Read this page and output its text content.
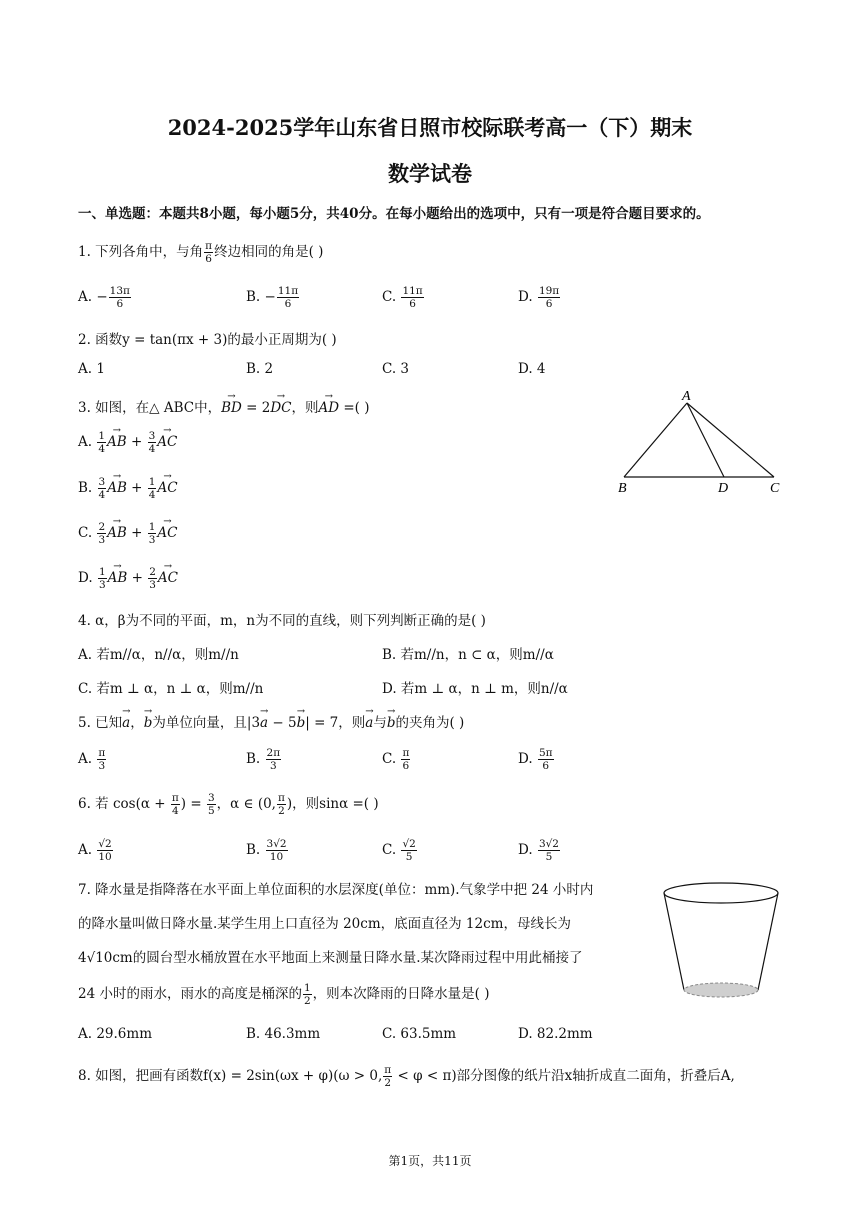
2024-2025学年山东省日照市校际联考高一（下）期末
数学试卷
一、单选题：本题共8小题，每小题5分，共40分。在每小题给出的选项中，只有一项是符合题目要求的。
1. 下列各角中，与角 $\frac{\pi}{6}$ 终边相同的角是( )
A. − $\frac{13\pi}{6}$	B. − $\frac{11\pi}{6}$	C. $\frac{11\pi}{6}$	D. $\frac{19\pi}{6}$
2. 函数y = tan(πx + 3)的最小正周期为( )
A. 1	B. 2	C. 3	D. 4
3. 如图，在△ ABC中，→ BD = 2→ DC，则→ AD =( )
A. $\frac{1}{4}$ → AB + $\frac{3}{4}$ → AC
B. $\frac{3}{4}$ → AB + $\frac{1}{4}$ → AC
C. $\frac{2}{3}$ → AB + $\frac{1}{3}$ → AC
D. $\frac{1}{3}$ → AB + $\frac{2}{3}$ → AC
A
B	D	C
4. α，β为不同的平面，m，n为不同的直线，则下列判断正确的是( )
A. 若m//α，n//α，则m//n	B. 若m//n，n ⊂ α，则m//α
C. 若m ⊥ α，n ⊥ α，则m//n	D. 若m ⊥ α，n ⊥ m，则n//α
5. 已知→ a，→ b为单位向量，且|3→ a − 5→ b| = 7，则→ a与→ b的夹角为( )
A. $\frac{\pi}{3}$	B. $\frac{2\pi}{3}$	C. $\frac{\pi}{6}$	D. $\frac{5\pi}{6}$
6. 若 $\cos(\alpha + \frac{\pi}{4}$ ) = $\frac{3}{5}$ ，α ∈ (0, $\frac{\pi}{2}$ )，则sinα =( )
A. $\frac{√2}{10}$	B. $\frac{3√2}{10}$	C. $\frac{√2}{5}$	D. $\frac{3√2}{5}$
7. 降水量是指降落在水平面上单位面积的水层深度(单位：mm).气象学中把 24 小时内
的降水量叫做日降水量.某学生用上口直径为 20cm，底面直径为 12cm，母线长为
4√10cm的圆台型水桶放置在水平地面上来测量日降水量.某次降雨过程中用此桶接了
24 小时的雨水，雨水的高度是桶深的 $\frac{1}{2}$ ，则本次降雨的日降水量是( )
A. 29.6mm	B. 46.3mm	C. 63.5mm	D. 82.2mm
8. 如图，把画有函数f(x) = 2sin(ωx + φ)(ω > 0, $\frac{\pi}{2} < \varphi < \pi$)部分图像的纸片沿x轴折成直二面角，折叠后A,
第1页，共11页
